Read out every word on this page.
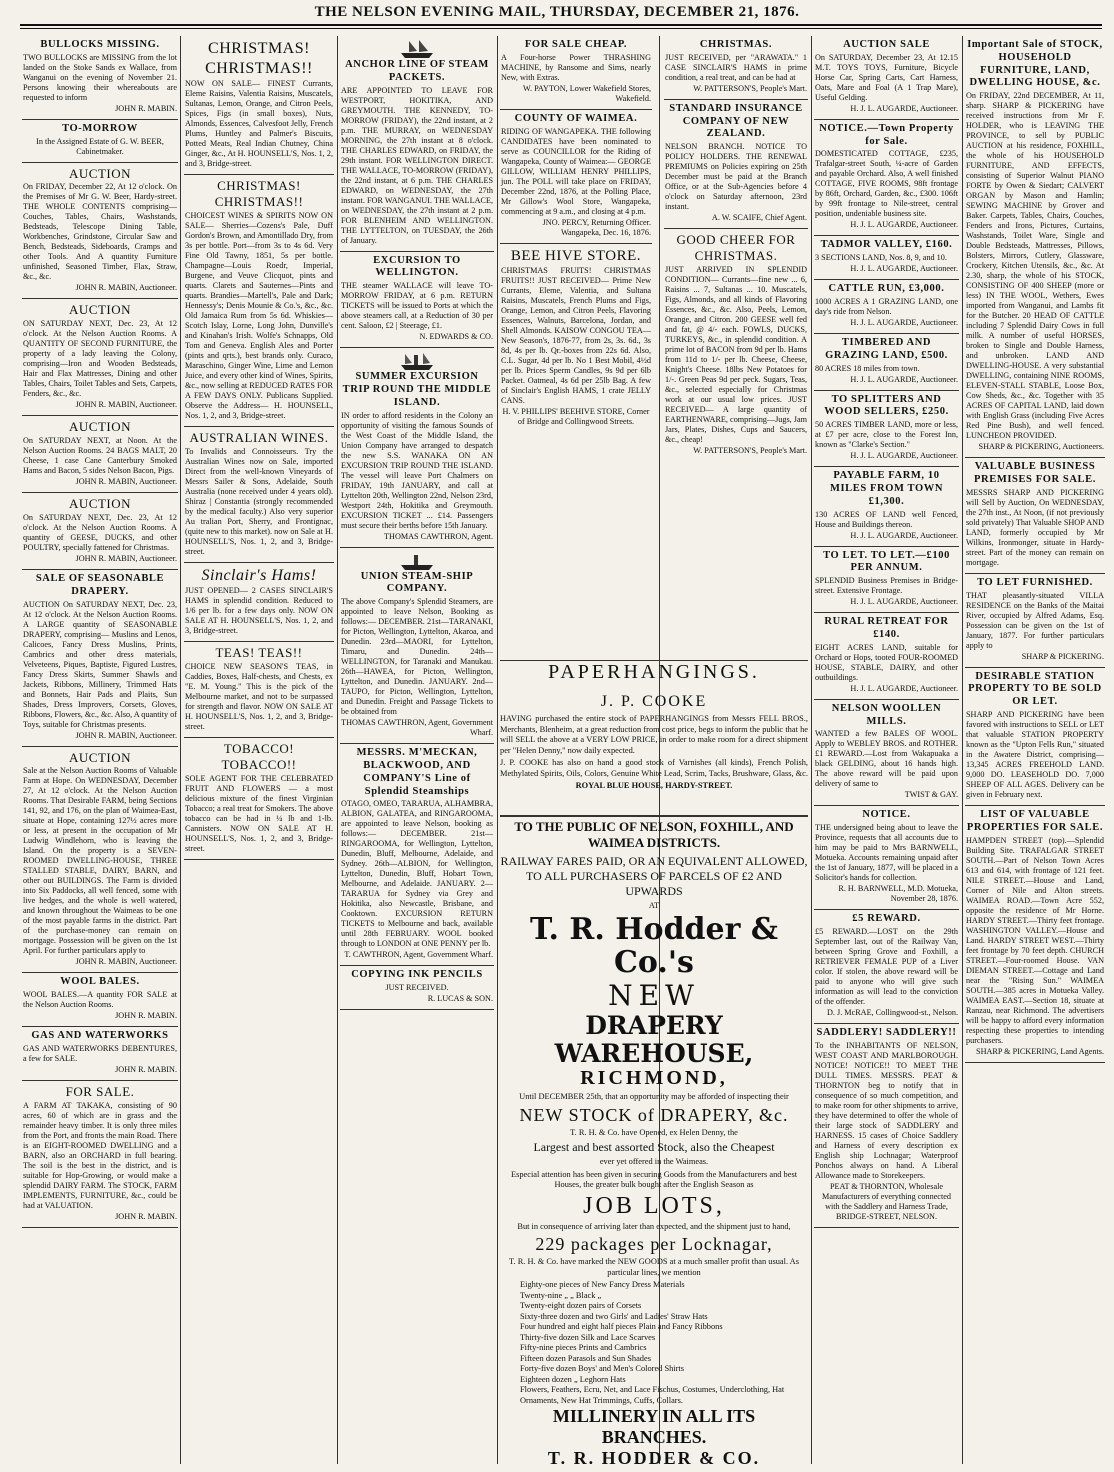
THE NELSON EVENING MAIL, THURSDAY, DECEMBER 21, 1876.
BULLOCKS MISSING.

TWO BULLOCKS are MISSING from the lot landed on the Stoke Sands ex Wallace, from Wanganui on the evening of November 21. Persons knowing their whereabouts are requested to inform

JOHN R. MABIN.

TO-MORROW

In the Assigned Estate of G. W. BEER, Cabinetmaker.

AUCTION

On FRIDAY, December 22, At 12 o'clock. On the Premises of Mr G. W. Beer, Hardy-street. THE WHOLE CONTENTS comprising— Couches, Tables, Chairs, Washstands, Bedsteads, Telescope Dining Table, Workbenches, Grindstone, Circular Saw and Bench, Bedsteads, Sideboards, Cramps and other Tools. And A quantity Furniture unfinished, Seasoned Timber, Flax, Straw, &c., &c.

JOHN R. MABIN, Auctioneer.

AUCTION

ON SATURDAY NEXT, Dec. 23, At 12 o'clock. At the Nelson Auction Rooms. A QUANTITY OF SECOND FURNITURE, the property of a lady leaving the Colony, comprising—Iron and Wooden Bedsteads, Hair and Flax Mattresses, Dining and other Tables, Chairs, Toilet Tables and Sets, Carpets, Fenders, &c., &c.

JOHN R. MABIN, Auctioneer.

AUCTION

On SATURDAY NEXT, at Noon. At the Nelson Auction Rooms. 24 BAGS MALT, 20 Cheese, 1 case Cane Canterbury Smoked Hams and Bacon, 5 sides Nelson Bacon, Pigs.

JOHN R. MABIN, Auctioneer.

AUCTION

On SATURDAY NEXT, Dec. 23, At 12 o'clock. At the Nelson Auction Rooms. A quantity of GEESE, DUCKS, and other POULTRY, specially fattened for Christmas.

JOHN R. MABIN, Auctioneer.

SALE OF SEASONABLE DRAPERY.

AUCTION On SATURDAY NEXT, Dec. 23, At 12 o'clock. At the Nelson Auction Rooms. A LARGE quantity of SEASONABLE DRAPERY, comprising— Muslins and Lenos, Calicoes, Fancy Dress Muslins, Prints, Cambrics and other dress materials, Velveteens, Piques, Baptiste, Figured Lustres, Fancy Dress Skirts, Summer Shawls and Jackets, Ribbons, Millinery, Trimmed Hats and Bonnets, Hair Pads and Plaits, Sun Shades, Dress Improvers, Corsets, Gloves, Ribbons, Flowers, &c., &c. Also, A quantity of Toys, suitable for Christmas presents.

JOHN R. MABIN, Auctioneer.

AUCTION

Sale at the Nelson Auction Rooms of Valuable Farm at Hope. On WEDNESDAY, December 27, At 12 o'clock. At the Nelson Auction Rooms. That Desirable FARM, being Sections 141, 92, and 176, on the plan of Waimea-East, situate at Hope, containing 127½ acres more or less, at present in the occupation of Mr Ludwig Windlehorn, who is leaving the Island. On the property is a SEVEN-ROOMED DWELLING-HOUSE, THREE STALLED STABLE, DAIRY, BARN, and other out BUILDINGS. The Farm is divided into Six Paddocks, all well fenced, some with live hedges, and the whole is well watered, and known throughout the Waimeas to be one of the most payable farms in the district. Part of the purchase-money can remain on mortgage. Possession will be given on the 1st April. For further particulars apply to

JOHN R. MABIN, Auctioneer.

WOOL BALES.

WOOL BALES.—A quantity FOR SALE at the Nelson Auction Rooms.

JOHN R. MABIN.

GAS AND WATERWORKS

GAS AND WATERWORKS DEBENTURES, a few for SALE.

JOHN R. MABIN.

FOR SALE.

A FARM AT TAKAKA, consisting of 90 acres, 60 of which are in grass and the remainder heavy timber. It is only three miles from the Port, and fronts the main Road. There is an EIGHT-ROOMED DWELLING and a BARN, also an ORCHARD in full bearing. The soil is the best in the district, and is suitable for Hop-Growing, or would make a splendid DAIRY FARM. The STOCK, FARM IMPLEMENTS, FURNITURE, &c., could be had at VALUATION.

JOHN R. MABIN.

CHRISTMAS! CHRISTMAS!!

NOW ON SALE— FINEST Currants, Eleme Raisins, Valentia Raisins, Muscatels, Sultanas, Lemon, Orange, and Citron Peels, Spices, Figs (in small boxes), Nuts, Almonds, Essences, Calvesfoot Jelly, French Plums, Huntley and Palmer's Biscuits, Potted Meats, Real Indian Chutney, China Ginger, &c., At H. HOUNSELL'S, Nos. 1, 2, and 3, Bridge-street.

CHRISTMAS! CHRISTMAS!!

CHOICEST WINES & SPIRITS NOW ON SALE— Sherries—Cozens's Pale, Duff Gordon's Brown, and Amontillado Dry, from 3s per bottle. Port—from 3s to 4s 6d. Very Fine Old Tawny, 1851, 5s per bottle. Champagne—Louis Roedr, Imperial, Burgene, and Veuve Clicquot, pints and quarts. Clarets and Sauternes—Pints and quarts. Brandies—Martell's, Pale and Dark; Hennessy's; Denis Mounie & Co.'s, &c., &c. Old Jamaica Rum from 5s 6d. Whiskies—Scotch Islay, Lorne, Long John, Dunville's and Kinahan's Irish. Wolfe's Schnapps, Old Tom and Geneva. English Ales and Porter (pints and qrts.), best brands only. Curaco, Maraschino, Ginger Wine, Lime and Lemon Juice, and every other kind of Wines, Spirits, &c., now selling at REDUCED RATES FOR A FEW DAYS ONLY. Publicans Supplied. Observe the Address— H. HOUNSELL, Nos. 1, 2, and 3, Bridge-street.

AUSTRALIAN WINES.

To Invalids and Connoisseurs. Try the Australian Wines now on Sale, imported Direct from the well-known Vineyards of Messrs Sailer & Sons, Adelaide, South Australia (none received under 4 years old). Shiraz | Constantia (strongly recommended by the medical faculty.) Also very superior Au tralian Port, Sherry, and Frontignac, (quite new to this market). now on Sale at H. HOUNSELL'S, Nos. 1, 2, and 3, Bridge-street.

Sinclair's Hams!

JUST OPENED— 2 CASES SINCLAIR'S HAMS in splendid condition. Reduced to 1/6 per lb. for a few days only. NOW ON SALE AT H. HOUNSELL'S, Nos. 1, 2, and 3, Bridge-street.

TEAS! TEAS!!

CHOICE NEW SEASON'S TEAS, in Caddies, Boxes, Half-chests, and Chests, ex "E. M. Young." This is the pick of the Melbourne market, and not to be surpassed for strength and flavor. NOW ON SALE AT H. HOUNSELL'S, Nos. 1, 2, and 3, Bridge-street.

TOBACCO! TOBACCO!!

SOLE AGENT FOR THE CELEBRATED FRUIT AND FLOWERS — a most delicious mixture of the finest Virginian Tobacco; a real treat for Smokers. The above tobacco can be had in ¼ lb and 1-lb. Cannisters. NOW ON SALE AT H. HOUNSELL'S, Nos. 1, 2, and 3, Bridge-street.

ANCHOR LINE OF STEAM PACKETS.

ARE APPOINTED TO LEAVE FOR WESTPORT, HOKITIKA, AND GREYMOUTH. THE KENNEDY, TO-MORROW (FRIDAY), the 22nd instant, at 2 p.m. THE MURRAY, on WEDNESDAY MORNING, the 27th instant at 8 o'clock. THE CHARLES EDWARD, on FRIDAY, the 29th instant. FOR WELLINGTON DIRECT. THE WALLACE, TO-MORROW (FRIDAY), the 22nd instant, at 6 p.m. THE CHARLES EDWARD, on WEDNESDAY, the 27th instant. FOR WANGANUI. THE WALLACE, on WEDNESDAY, the 27th instant at 2 p.m. FOR BLENHEIM AND WELLINGTON. THE LYTTELTON, on TUESDAY, the 26th of January.

EXCURSION TO WELLINGTON.

THE steamer WALLACE will leave TO-MORROW FRIDAY, at 6 p.m. RETURN TICKETS will be issued to Ports at which the above steamers call, at a Reduction of 30 per cent. Saloon, £2 | Steerage, £1.

N. EDWARDS & CO.

SUMMER EXCURSION TRIP ROUND THE MIDDLE ISLAND.

IN order to afford residents in the Colony an opportunity of visiting the famous Sounds of the West Coast of the Middle Island, the Union Company have arranged to despatch the new S.S. WANAKA ON AN EXCURSION TRIP ROUND THE ISLAND. The vessel will leave Port Chalmers on FRIDAY, 19th JANUARY, and call at Lyttelton 20th, Wellington 22nd, Nelson 23rd, Westport 24th, Hokitika and Greymouth. EXCURSION TICKET ... £14. Passengers must secure their berths before 15th January.

THOMAS CAWTHRON, Agent.

UNION STEAM-SHIP COMPANY.

The above Company's Splendid Steamers, are appointed to leave Nelson, Booking as follows:— DECEMBER. 21st—TARANAKI, for Picton, Wellington, Lyttelton, Akaroa, and Dunedin. 23rd—MAORI, for Lyttelton, Timaru, and Dunedin. 24th—WELLINGTON, for Taranaki and Manukau. 26th—HAWEA, for Picton, Wellington, Lyttelton, and Dunedin. JANUARY. 2nd—TAUPO, for Picton, Wellington, Lyttelton, and Dunedin. Freight and Passage Tickets to be obtained from

THOMAS CAWTHRON, Agent, Government Wharf.

MESSRS. M'MECKAN, BLACKWOOD, AND COMPANY'S Line of Splendid Steamships

OTAGO, OMEO, TARARUA, ALHAMBRA, ALBION, GALATEA, and RINGAROOMA, are appointed to leave Nelson, booking as follows:— DECEMBER. 21st—RINGAROOMA, for Wellington, Lyttelton, Dunedin, Bluff, Melbourne, Adelaide, and Sydney. 26th—ALBION, for Wellington, Lyttelton, Dunedin, Bluff, Hobart Town, Melbourne, and Adelaide. JANUARY. 2—TARARUA for Sydney via Grey and Hokitika, also Newcastle, Brisbane, and Cooktown. EXCURSION RETURN TICKETS to Melbourne and back, available until 28th FEBRUARY. WOOL booked through to LONDON at ONE PENNY per lb.

T. CAWTHRON, Agent, Government Wharf.

COPYING INK PENCILS

JUST RECEIVED.

R. LUCAS & SON.

FOR SALE CHEAP.

A Four-horse Power THRASHING MACHINE, by Ransome and Sims, nearly New, with Extras.

W. PAYTON, Lower Wakefield Stores, Wakefield.

COUNTY OF WAIMEA.

RIDING OF WANGAPEKA. THE following CANDIDATES have been nominated to serve as COUNCILLOR for the Riding of Wangapeka, County of Waimea:— GEORGE GILLOW, WILLIAM HENRY PHILLIPS, jun. The POLL will take place on FRIDAY, December 22nd, 1876, at the Polling Place, Mr Gillow's Wool Store, Wangapeka, commencing at 9 a.m., and closing at 4 p.m.

JNO. PERCY, Returning Officer. Wangapeka, Dec. 16, 1876.

BEE HIVE STORE.

CHRISTMAS FRUITS! CHRISTMAS FRUITS!! JUST RECEIVED— Prime New Currants, Eleme, Valentia, and Sultana Raisins, Muscatels, French Plums and Figs, Orange, Lemon, and Citron Peels, Flavoring Essences, Walnuts, Barcelona, Jordan, and Shell Almonds. KAISOW CONGOU TEA— New Season's, 1876-77, from 2s, 3s. 6d., 3s 8d, 4s per lb. Qr.-boxes from 22s 6d. Also, C.L. Sugar, 4d per lb. No 1 Best Mobil, 4½d per lb. Prices Sperm Candles, 9s 9d per 6lb Packet. Oatmeal, 4s 6d per 25lb Bag. A few of Sinclair's English HAMS, 1 crate JELLY CANS.

H. V. PHILLIPS' BEEHIVE STORE, Corner of Bridge and Collingwood Streets.

CHRISTMAS.

JUST RECEIVED, per "ARAWATA." 1 CASE SINCLAIR'S HAMS in prime condition, a real treat, and can be had at

W. PATTERSON'S, People's Mart.

STANDARD INSURANCE COMPANY OF NEW ZEALAND.

NELSON BRANCH. NOTICE TO POLICY HOLDERS. THE RENEWAL PREMIUMS on Policies expiring on 25th December must be paid at the Branch Office, or at the Sub-Agencies before 4 o'clock on Saturday afternoon, 23rd instant.

A. W. SCAIFE, Chief Agent.

GOOD CHEER FOR CHRISTMAS.

JUST ARRIVED IN SPLENDID CONDITION— Currants—fine new ... 6, Raisins ... 7, Sultanas ... 10. Muscatels, Figs, Almonds, and all kinds of Flavoring Essences, &c., &c. Also, Peels, Lemon, Orange, and Citron. 200 GEESE well fed and fat, @ 4/- each. FOWLS, DUCKS, TURKEYS, &c., in splendid condition. A prime lot of BACON from 9d per lb. Hams from 11d to 1/- per lb. Cheese, Cheese, Knight's Cheese. 18lbs New Potatoes for 1/-. Green Peas 9d per peck. Sugars, Teas, &c., selected especially for Christmas work at our usual low prices. JUST RECEIVED— A large quantity of EARTHENWARE, comprising—Jugs, Jam Jars, Plates, Dishes, Cups and Saucers, &c., cheap!

W. PATTERSON'S, People's Mart.

PAPERHANGINGS.

J. P. COOKE

HAVING purchased the entire stock of PAPERHANGINGS from Messrs FELL BROS., Merchants, Blenheim, at a great reduction from cost price, begs to inform the public that he will SELL the above at a VERY LOW PRICE, in order to make room for a direct shipment per "Helen Denny," now daily expected.

J. P. COOKE has also on hand a good stock of Varnishes (all kinds), French Polish, Methylated Spirits, Oils, Colors, Genuine White Lead, Scrim, Tacks, Brushware, Glass, &c.

ROYAL BLUE HOUSE, HARDY-STREET.

TO THE PUBLIC OF NELSON, FOXHILL, AND WAIMEA DISTRICTS.

RAILWAY FARES PAID, OR AN EQUIVALENT ALLOWED, TO ALL PURCHASERS OF PARCELS OF £2 AND UPWARDS

AT

T. R. Hodder & Co.'s
NEW
DRAPERY WAREHOUSE,
RICHMOND,

Until DECEMBER 25th, that an opportunity may be afforded of inspecting their

NEW STOCK of DRAPERY, &c.

T. R. H. & Co. have Opened, ex Helen Denny, the

Largest and best assorted Stock, also the Cheapest

ever yet offered in the Waimeas.

Especial attention has been given in securing Goods from the Manufacturers and best Houses, the greater bulk bought after the English Season as

JOB LOTS,

But in consequence of arriving later than expected, and the shipment just to hand,

229 packages per Locknagar,

T. R. H. & Co. have marked the NEW GOODS at a much smaller profit than usual. As particular lines, we mention

Eighty-one pieces of New Fancy Dress Materials

Twenty-nine „ „ Black „

Twenty-eight dozen pairs of Corsets

Sixty-three dozen and two Girls' and Ladies' Straw Hats

Four hundred and eight half pieces Plain and Fancy Ribbons

Thirty-five dozen Silk and Lace Scarves

Fifty-nine pieces Prints and Cambrics

Fifteen dozen Parasols and Sun Shades

Forty-five dozen Boys' and Men's Colored Shirts

Eighteen dozen „ Leghorn Hats

Flowers, Feathers, Ecru, Net, and Lace Fischus, Costumes, Underclothing, Hat Ornaments, New Hat Trimmings, Cuffs, Collars.

MILLINERY IN ALL ITS BRANCHES.
T. R. HODDER & CO.
AUCTION SALE

On SATURDAY, December 23, At 12.15 M.T. TOYS TOYS, Furniture, Bicycle Horse Car, Spring Carts, Cart Harness, Oats, Mare and Foal (A 1 Trap Mare), Useful Gelding.

H. J. L. AUGARDE, Auctioneer.

NOTICE.—Town Property for Sale.

DOMESTICATED COTTAGE, £235, Trafalgar-street South, ¼-acre of Garden and payable Orchard. Also, A well finished COTTAGE, FIVE ROOMS, 98ft frontage by 86ft, Orchard, Garden, &c., £300. 106ft by 99ft frontage to Nile-street, central position, undeniable business site.

H. J. L. AUGARDE, Auctioneer.

TADMOR VALLEY, £160.

3 SECTIONS LAND, Nos. 8, 9, and 10.

H. J. L. AUGARDE, Auctioneer.

CATTLE RUN, £3,000.

1000 ACRES A 1 GRAZING LAND, one day's ride from Nelson.

H. J. L. AUGARDE, Auctioneer.

TIMBERED AND GRAZING LAND, £500.

80 ACRES 18 miles from town.

H. J. L. AUGARDE, Auctioneer.

TO SPLITTERS AND WOOD SELLERS, £250.

50 ACRES TIMBER LAND, more or less, at £7 per acre, close to the Forest Inn, known as "Clarke's Section."

H. J. L. AUGARDE, Auctioneer.

PAYABLE FARM, 10 MILES FROM TOWN £1,300.

130 ACRES OF LAND well Fenced, House and Buildings thereon.

H. J. L. AUGARDE, Auctioneer.

TO LET. TO LET.—£100 PER ANNUM.

SPLENDID Business Premises in Bridge-street. Extensive Frontage.

H. J. L. AUGARDE, Auctioneer.

RURAL RETREAT FOR £140.

EIGHT ACRES LAND, suitable for Orchard or Hops, tooted FOUR-ROOMED HOUSE, STABLE, DAIRY, and other outbuildings.

H. J. L. AUGARDE, Auctioneer.

NELSON WOOLLEN MILLS.

WANTED a few BALES OF WOOL. Apply to WEBLEY BROS. and ROTHER. £1 REWARD.—Lost from Wakapuaka a black GELDING, about 16 hands high. The above reward will be paid upon delivery of same to

TWIST & GAY.

NOTICE.

THE undersigned being about to leave the Province, requests that all accounts due to him may be paid to Mrs BARNWELL, Motueka. Accounts remaining unpaid after the 1st of January, 1877, will be placed in a Solicitor's hands for collection.

R. H. BARNWELL, M.D. Motueka, November 28, 1876.

£5 REWARD.

£5 REWARD.—LOST on the 29th September last, out of the Railway Van, between Spring Grove and Foxhill, a RETRIEVER FEMALE PUP of a Liver color. If stolen, the above reward will be paid to anyone who will give such information as will lead to the conviction of the offender.

D. J. McRAE, Collingwood-st., Nelson.

SADDLERY! SADDLERY!!

To the INHABITANTS OF NELSON, WEST COAST AND MARLBOROUGH. NOTICE! NOTICE!! TO MEET THE DULL TIMES. MESSRS. PEAT & THORNTON beg to notify that in consequence of so much competition, and to make room for other shipments to arrive, they have determined to offer the whole of their large stock of SADDLERY and HARNESS. 15 cases of Choice Saddlery and Harness of every description ex English ship Lochnagar; Waterproof Ponchos always on hand. A Liberal Allowance made to Storekeepers.

PEAT & THORNTON, Wholesale Manufacturers of everything connected with the Saddlery and Harness Trade, BRIDGE-STREET, NELSON.

Important Sale of STOCK, HOUSEHOLD FURNITURE, LAND, DWELLING HOUSE, &c.

On FRIDAY, 22nd DECEMBER, At 11, sharp. SHARP & PICKERING have received instructions from Mr F. HOLDER, who is LEAVING THE PROVINCE, to sell by PUBLIC AUCTION at his residence, FOXHILL, the whole of his HOUSEHOLD FURNITURE, AND EFFECTS, consisting of Superior Walnut PIANO FORTE by Owen & Siedart; CALVERT ORGAN by Mason and Hamlin; SEWING MACHINE by Grover and Baker. Carpets, Tables, Chairs, Couches, Fenders and Irons, Pictures, Curtains, Washstands, Toilet Ware, Single and Double Bedsteads, Mattresses, Pillows, Bolsters, Mirrors, Cutlery, Glassware, Crockery, Kitchen Utensils, &c., &c. At 2.30, sharp, the whole of his STOCK, CONSISTING OF 400 SHEEP (more or less) IN THE WOOL, Wethers, Ewes imported from Wanganui, and Lambs fit for the Butcher. 20 HEAD OF CATTLE including 7 Splendid Dairy Cows in full milk. A number of useful HORSES, broken to Single and Double Harness, and unbroken. LAND AND DWELLING-HOUSE. A very substantial DWELLING, containing NINE ROOMS, ELEVEN-STALL STABLE, Loose Box, Cow Sheds, &c., &c. Together with 35 ACRES OF CAPITAL LAND, laid down with English Grass (including Five Acres Red Pine Bush), and well fenced. LUNCHEON PROVIDED.

SHARP & PICKERING, Auctioneers.

VALUABLE BUSINESS PREMISES FOR SALE.

MESSRS SHARP AND PICKERING will Sell by Auction, On WEDNESDAY, the 27th inst., At Noon, (if not previously sold privately) That Valuable SHOP AND LAND, formerly occupied by Mr Wilkins, Ironmonger, situate in Hardy-street. Part of the money can remain on mortgage.

TO LET FURNISHED.

THAT pleasantly-situated VILLA RESIDENCE on the Banks of the Maitai River, occupied by Alfred Adams, Esq. Possession can be given on the 1st of January, 1877. For further particulars apply to

SHARP & PICKERING.

DESIRABLE STATION PROPERTY TO BE SOLD OR LET.

SHARP AND PICKERING have been favored with instructions to SELL or LET that valuable STATION PROPERTY known as the "Upton Fells Run," situated in the Awatere District, comprising— 13,345 ACRES FREEHOLD LAND. 9,000 DO. LEASEHOLD DO. 7,000 SHEEP OF ALL AGES. Delivery can be given in February next.

LIST OF VALUABLE PROPERTIES FOR SALE.

HAMPDEN STREET (top).—Splendid Building Site. TRAFALGAR STREET SOUTH.—Part of Nelson Town Acres 613 and 614, with frontage of 121 feet. NILE STREET.—House and Land, Corner of Nile and Alton streets. WAIMEA ROAD.—Town Acre 552, opposite the residence of Mr Horne. HARDY STREET.—Thirty feet frontage. WASHINGTON VALLEY.—House and Land. HARDY STREET WEST.—Thirty feet frontage by 70 feet depth. CHURCH STREET.—Four-roomed House. VAN DIEMAN STREET.—Cottage and Land near the "Rising Sun." WAIMEA SOUTH.—385 acres in Motueka Valley. WAIMEA EAST.—Section 18, situate at Ranzau, near Richmond. The advertisers will be happy to afford every information respecting these properties to intending purchasers.

SHARP & PICKERING, Land Agents.
